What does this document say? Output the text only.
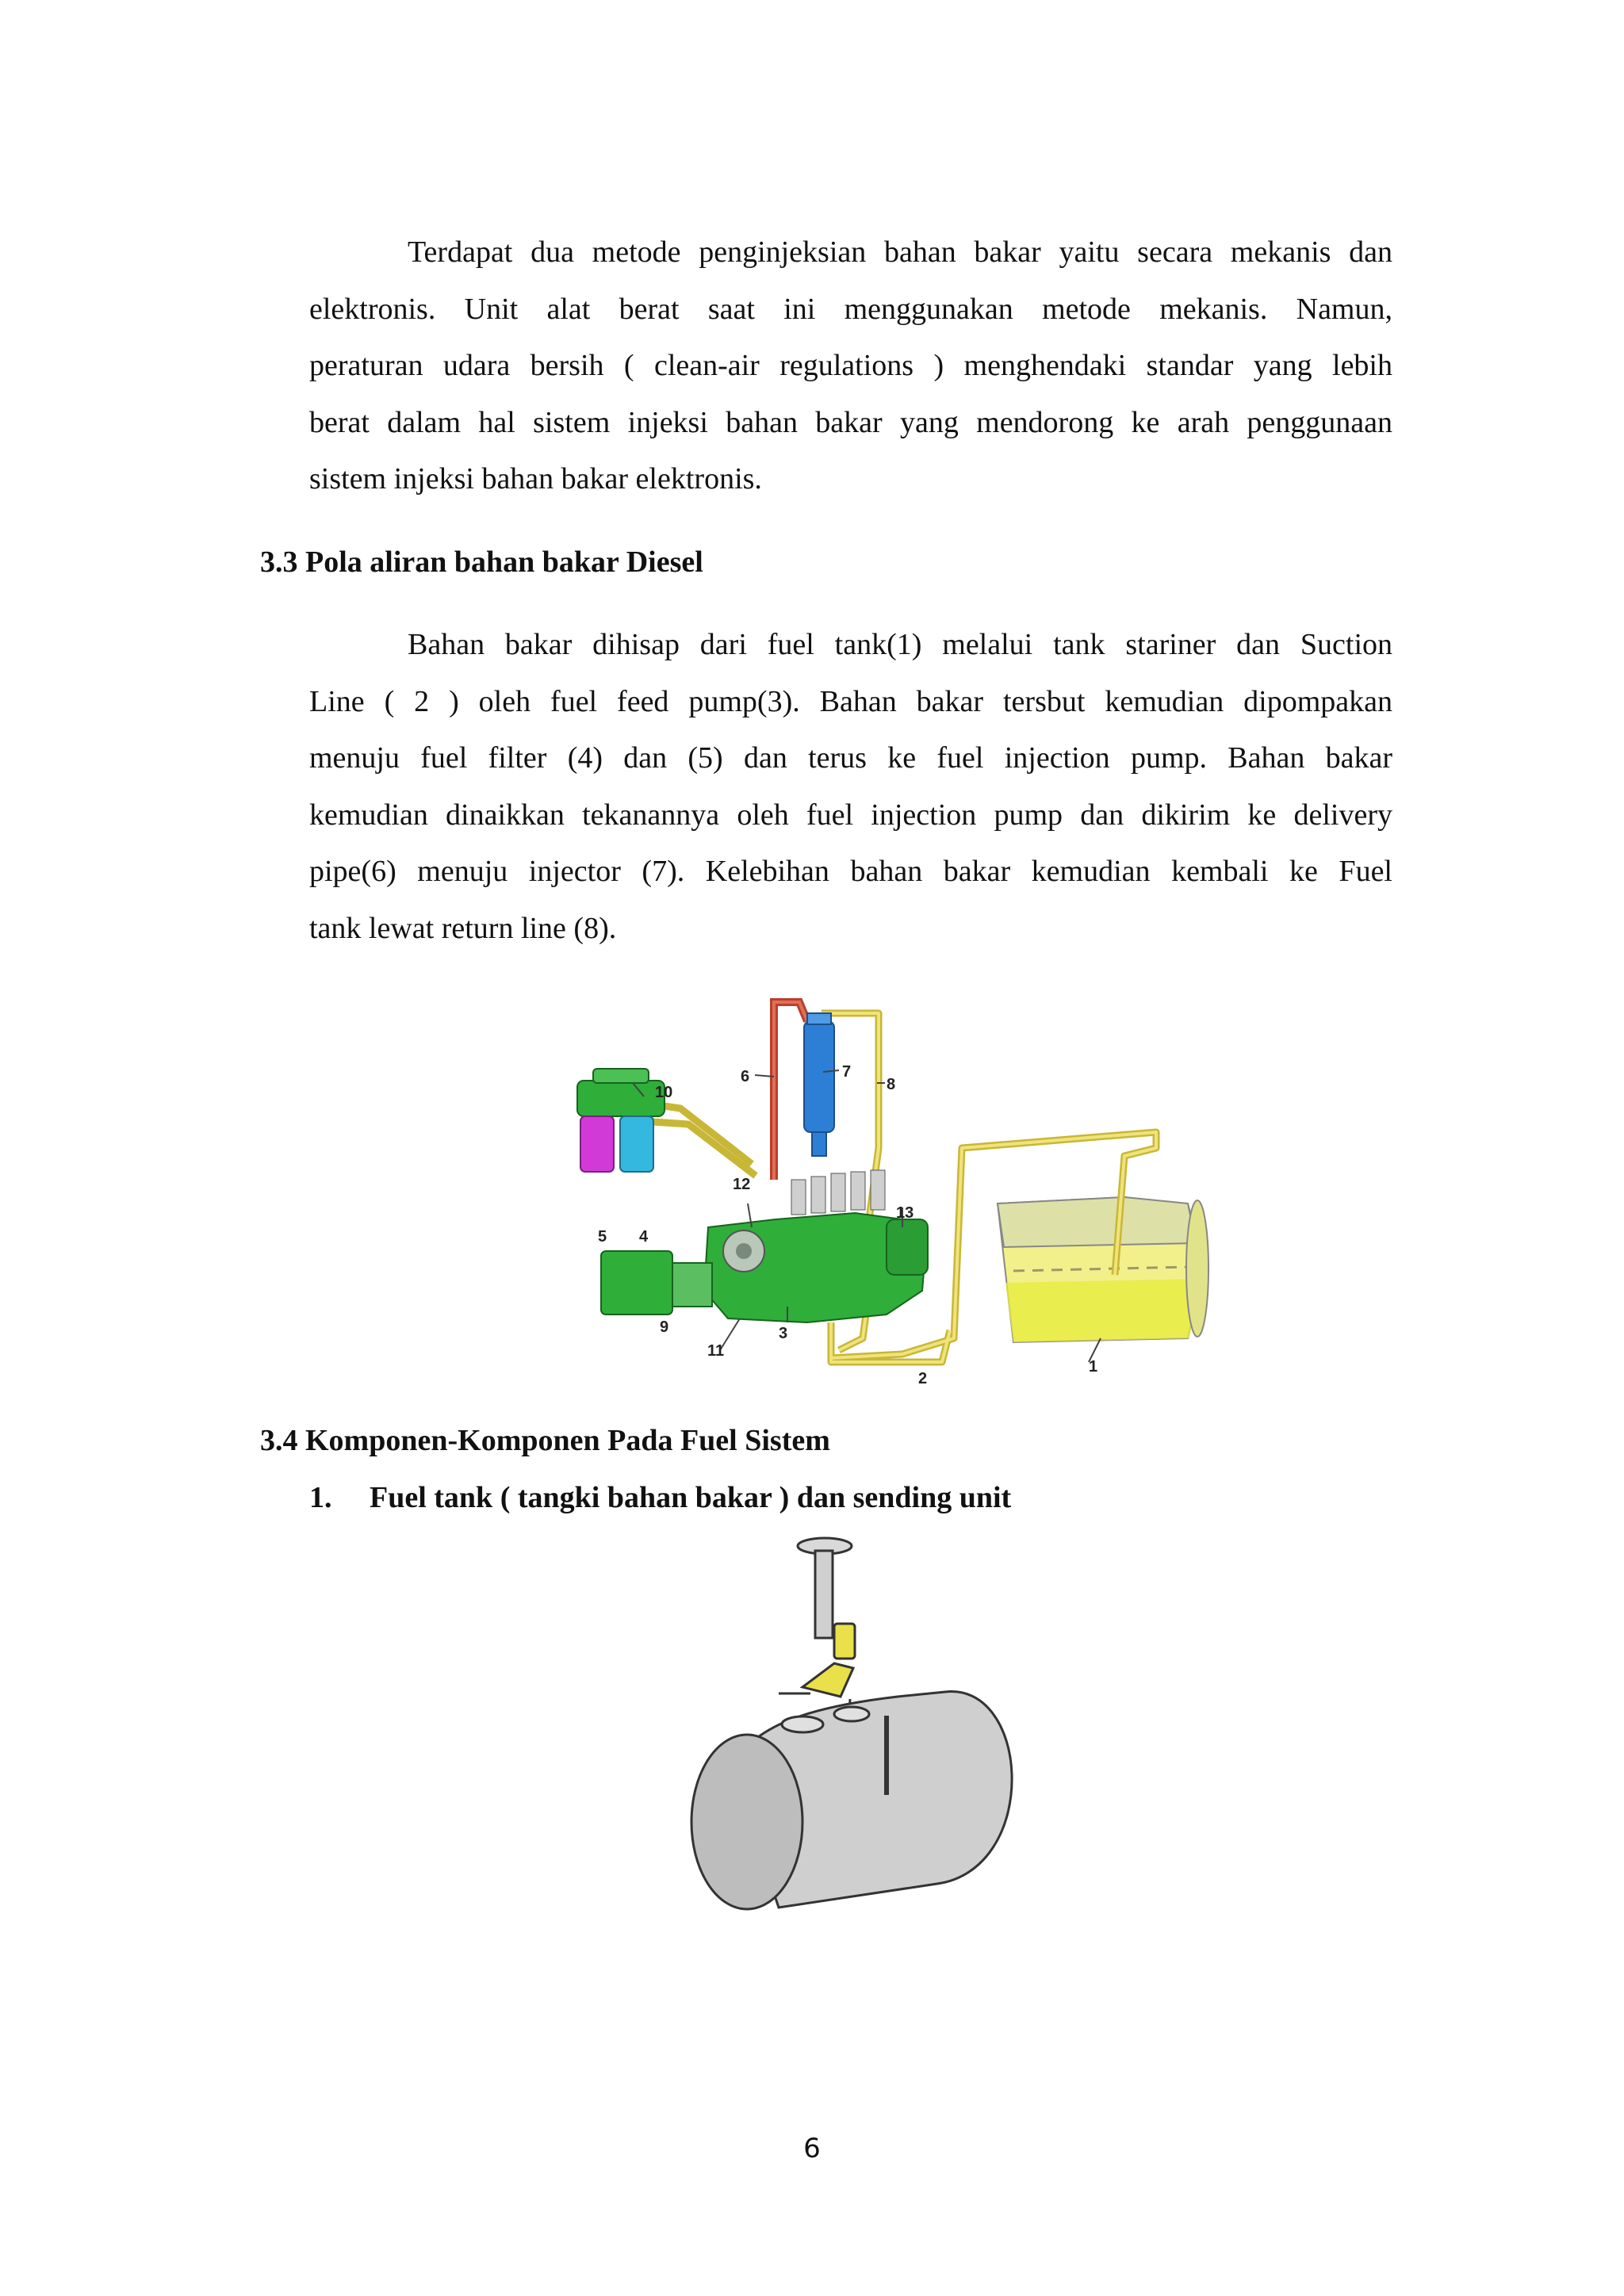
Terdapat dua metode penginjeksian bahan bakar yaitu secara mekanis dan
elektronis. Unit alat berat saat ini menggunakan metode mekanis. Namun,
peraturan udara bersih ( clean-air regulations ) menghendaki standar yang lebih
berat dalam hal sistem injeksi bahan bakar yang mendorong ke arah penggunaan
sistem injeksi bahan bakar elektronis.
3.3 Pola aliran bahan bakar Diesel
Bahan bakar dihisap dari fuel tank(1) melalui tank stariner dan Suction
Line ( 2 ) oleh fuel feed pump(3). Bahan bakar tersbut kemudian dipompakan
menuju fuel filter (4) dan (5) dan terus ke fuel injection pump. Bahan bakar
kemudian dinaikkan tekanannya oleh fuel injection pump dan dikirim ke delivery
pipe(6) menuju injector (7). Kelebihan bahan bakar kemudian kembali ke Fuel
tank lewat return line (8).
1
2
3
4
5
6	7
8
9
10
11
12
13
3.4 Komponen-Komponen Pada Fuel Sistem
1. Fuel tank ( tangki bahan bakar ) dan sending unit
6
